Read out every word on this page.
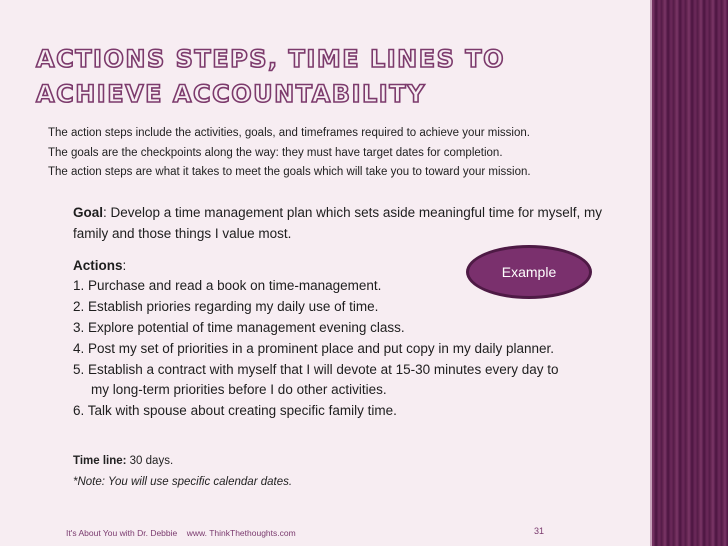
ACTIONS STEPS, TIME LINES TO ACHIEVE ACCOUNTABILITY

The action steps include the activities, goals, and timeframes required to achieve your mission.

The goals are the checkpoints along the way: they must have target dates for completion.

The action steps are what it takes to meet the goals which will take you to toward your mission.

Goal: Develop a time management plan which sets aside meaningful time for myself, my family and those things I value most.

Actions:

1. Purchase and read a book on time-management.

2. Establish priories regarding my daily use of time.

3. Explore potential of time management evening class.

4. Post my set of priorities in a prominent place and put copy in my daily planner.

5. Establish a contract with myself that I will devote at 15-30 minutes every day to

my long-term priorities before I do other activities.

6. Talk with spouse about creating specific family time.

Time line: 30 days.

*Note: You will use specific calendar dates.

Example
It's About You with Dr. Debbie    www. ThinkThethoughts.com	31
